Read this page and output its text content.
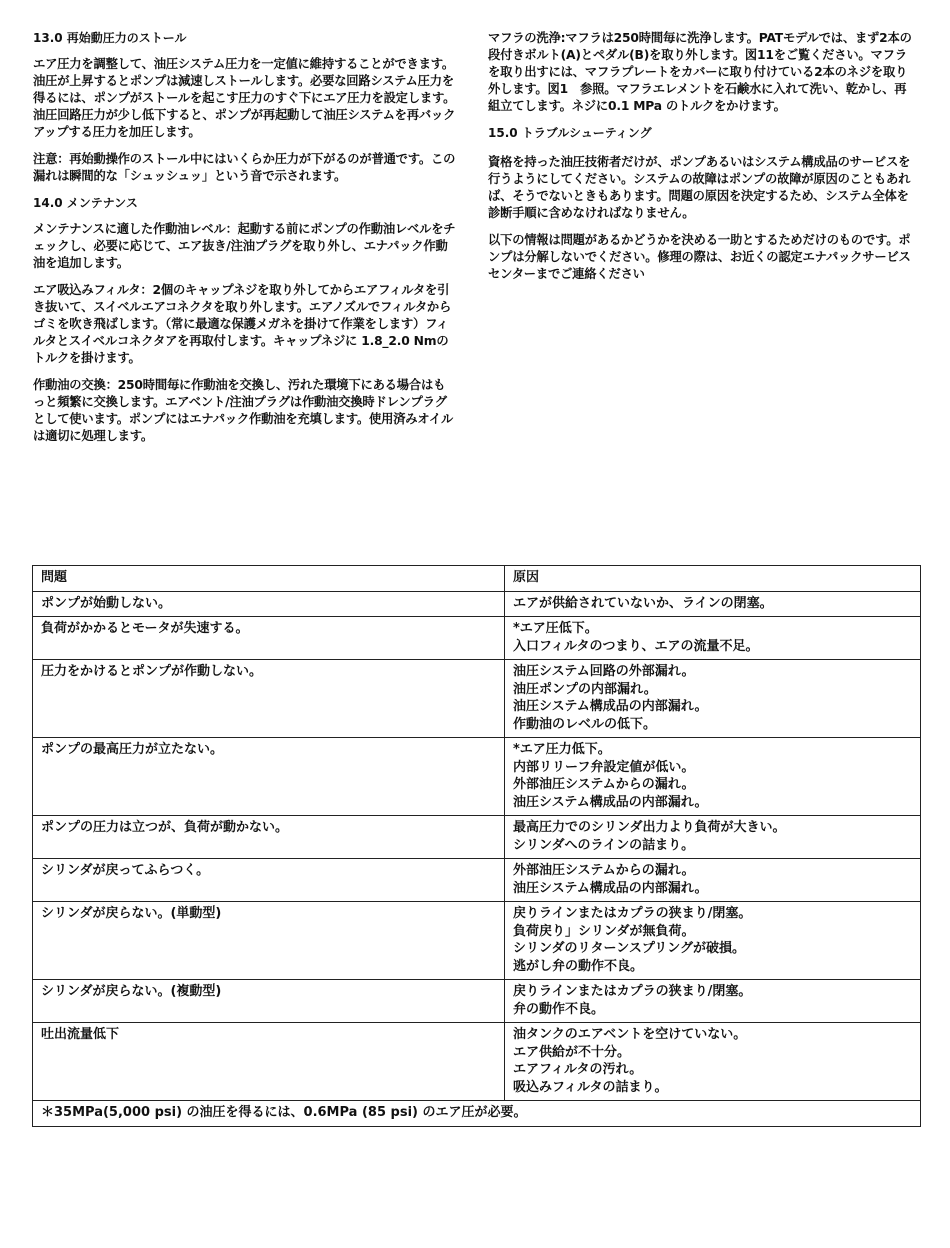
13.0 再始動圧力のストール

エア圧力を調整して、油圧システム圧力を一定値に維持することができます。油圧が上昇するとポンプは減速しストールします。必要な回路システム圧力を得るには、ポンプがストールを起こす圧力のすぐ下にエア圧力を設定します。油圧回路圧力が少し低下すると、ポンプが再起動して油圧システムを再バックアップする圧力を加圧します。

注意：再始動操作のストール中にはいくらか圧力が下がるのが普通です。この漏れは瞬間的な「シュッシュッ」という音で示されます。

14.0 メンテナンス

メンテナンスに適した作動油レベル：起動する前にポンプの作動油レベルをチェックし、必要に応じて、エア抜き/注油プラグを取り外し、エナパック作動油を追加します。

エア吸込みフィルタ：2個のキャップネジを取り外してからエアフィルタを引き抜いて、スイベルエアコネクタを取り外します。エアノズルでフィルタからゴミを吹き飛ばします。（常に最適な保護メガネを掛けて作業をします）フィルタとスイベルコネクタアを再取付します。キャップネジに 1.8_2.0 Nmのトルクを掛けます。

作動油の交換：250時間毎に作動油を交換し、汚れた環境下にある場合はもっと頻繁に交換します。エアベント/注油プラグは作動油交換時ドレンプラグとして使います。ポンプにはエナパック作動油を充填します。使用済みオイルは適切に処理します。

マフラの洗浄:マフラは250時間毎に洗浄します。PATモデルでは、まず2本の段付きボルト(A)とペダル(B)を取り外します。図11をご覧ください。マフラを取り出すには、マフラプレートをカバーに取り付けている2本のネジを取り外します。図1　参照。マフラエレメントを石鹸水に入れて洗い、乾かし、再組立てします。ネジに0.1 MPa のトルクをかけます。

15.0 トラブルシューティング

資格を持った油圧技術者だけが、ポンプあるいはシステム構成品のサービスを行うようにしてください。システムの故障はポンプの故障が原因のこともあれば、そうでないときもあります。問題の原因を決定するため、システム全体を診断手順に含めなければなりません。

以下の情報は問題があるかどうかを決める一助とするためだけのものです。ポンプは分解しないでください。修理の際は、お近くの認定エナパックサービスセンターまでご連絡ください

問題	原因
ポンプが始動しない。	エアが供給されていないか、ラインの閉塞。

負荷がかかるとモータが失速する。	*エア圧低下。
入口フィルタのつまり、エアの流量不足。

圧力をかけるとポンプが作動しない。	油圧システム回路の外部漏れ。
油圧ポンプの内部漏れ。
油圧システム構成品の内部漏れ。
作動油のレベルの低下。

ポンプの最高圧力が立たない。	*エア圧力低下。
内部リリーフ弁設定値が低い。
外部油圧システムからの漏れ。
油圧システム構成品の内部漏れ。

ポンプの圧力は立つが、負荷が動かない。	最高圧力でのシリンダ出力より負荷が大きい。
シリンダへのラインの詰まり。

シリンダが戻ってふらつく。	外部油圧システムからの漏れ。
油圧システム構成品の内部漏れ。

シリンダが戻らない。(単動型)	戻りラインまたはカプラの狭まり/閉塞。
負荷戻り」シリンダが無負荷。
シリンダのリターンスプリングが破損。
逃がし弁の動作不良。

シリンダが戻らない。(複動型)	戻りラインまたはカプラの狭まり/閉塞。
弁の動作不良。

吐出流量低下	油タンクのエアベントを空けていない。
エア供給が不十分。
エアフィルタの汚れ。
吸込みフィルタの詰まり。

＊35MPa(5,000 psi) の油圧を得るには、0.6MPa (85 psi) のエア圧が必要。	
